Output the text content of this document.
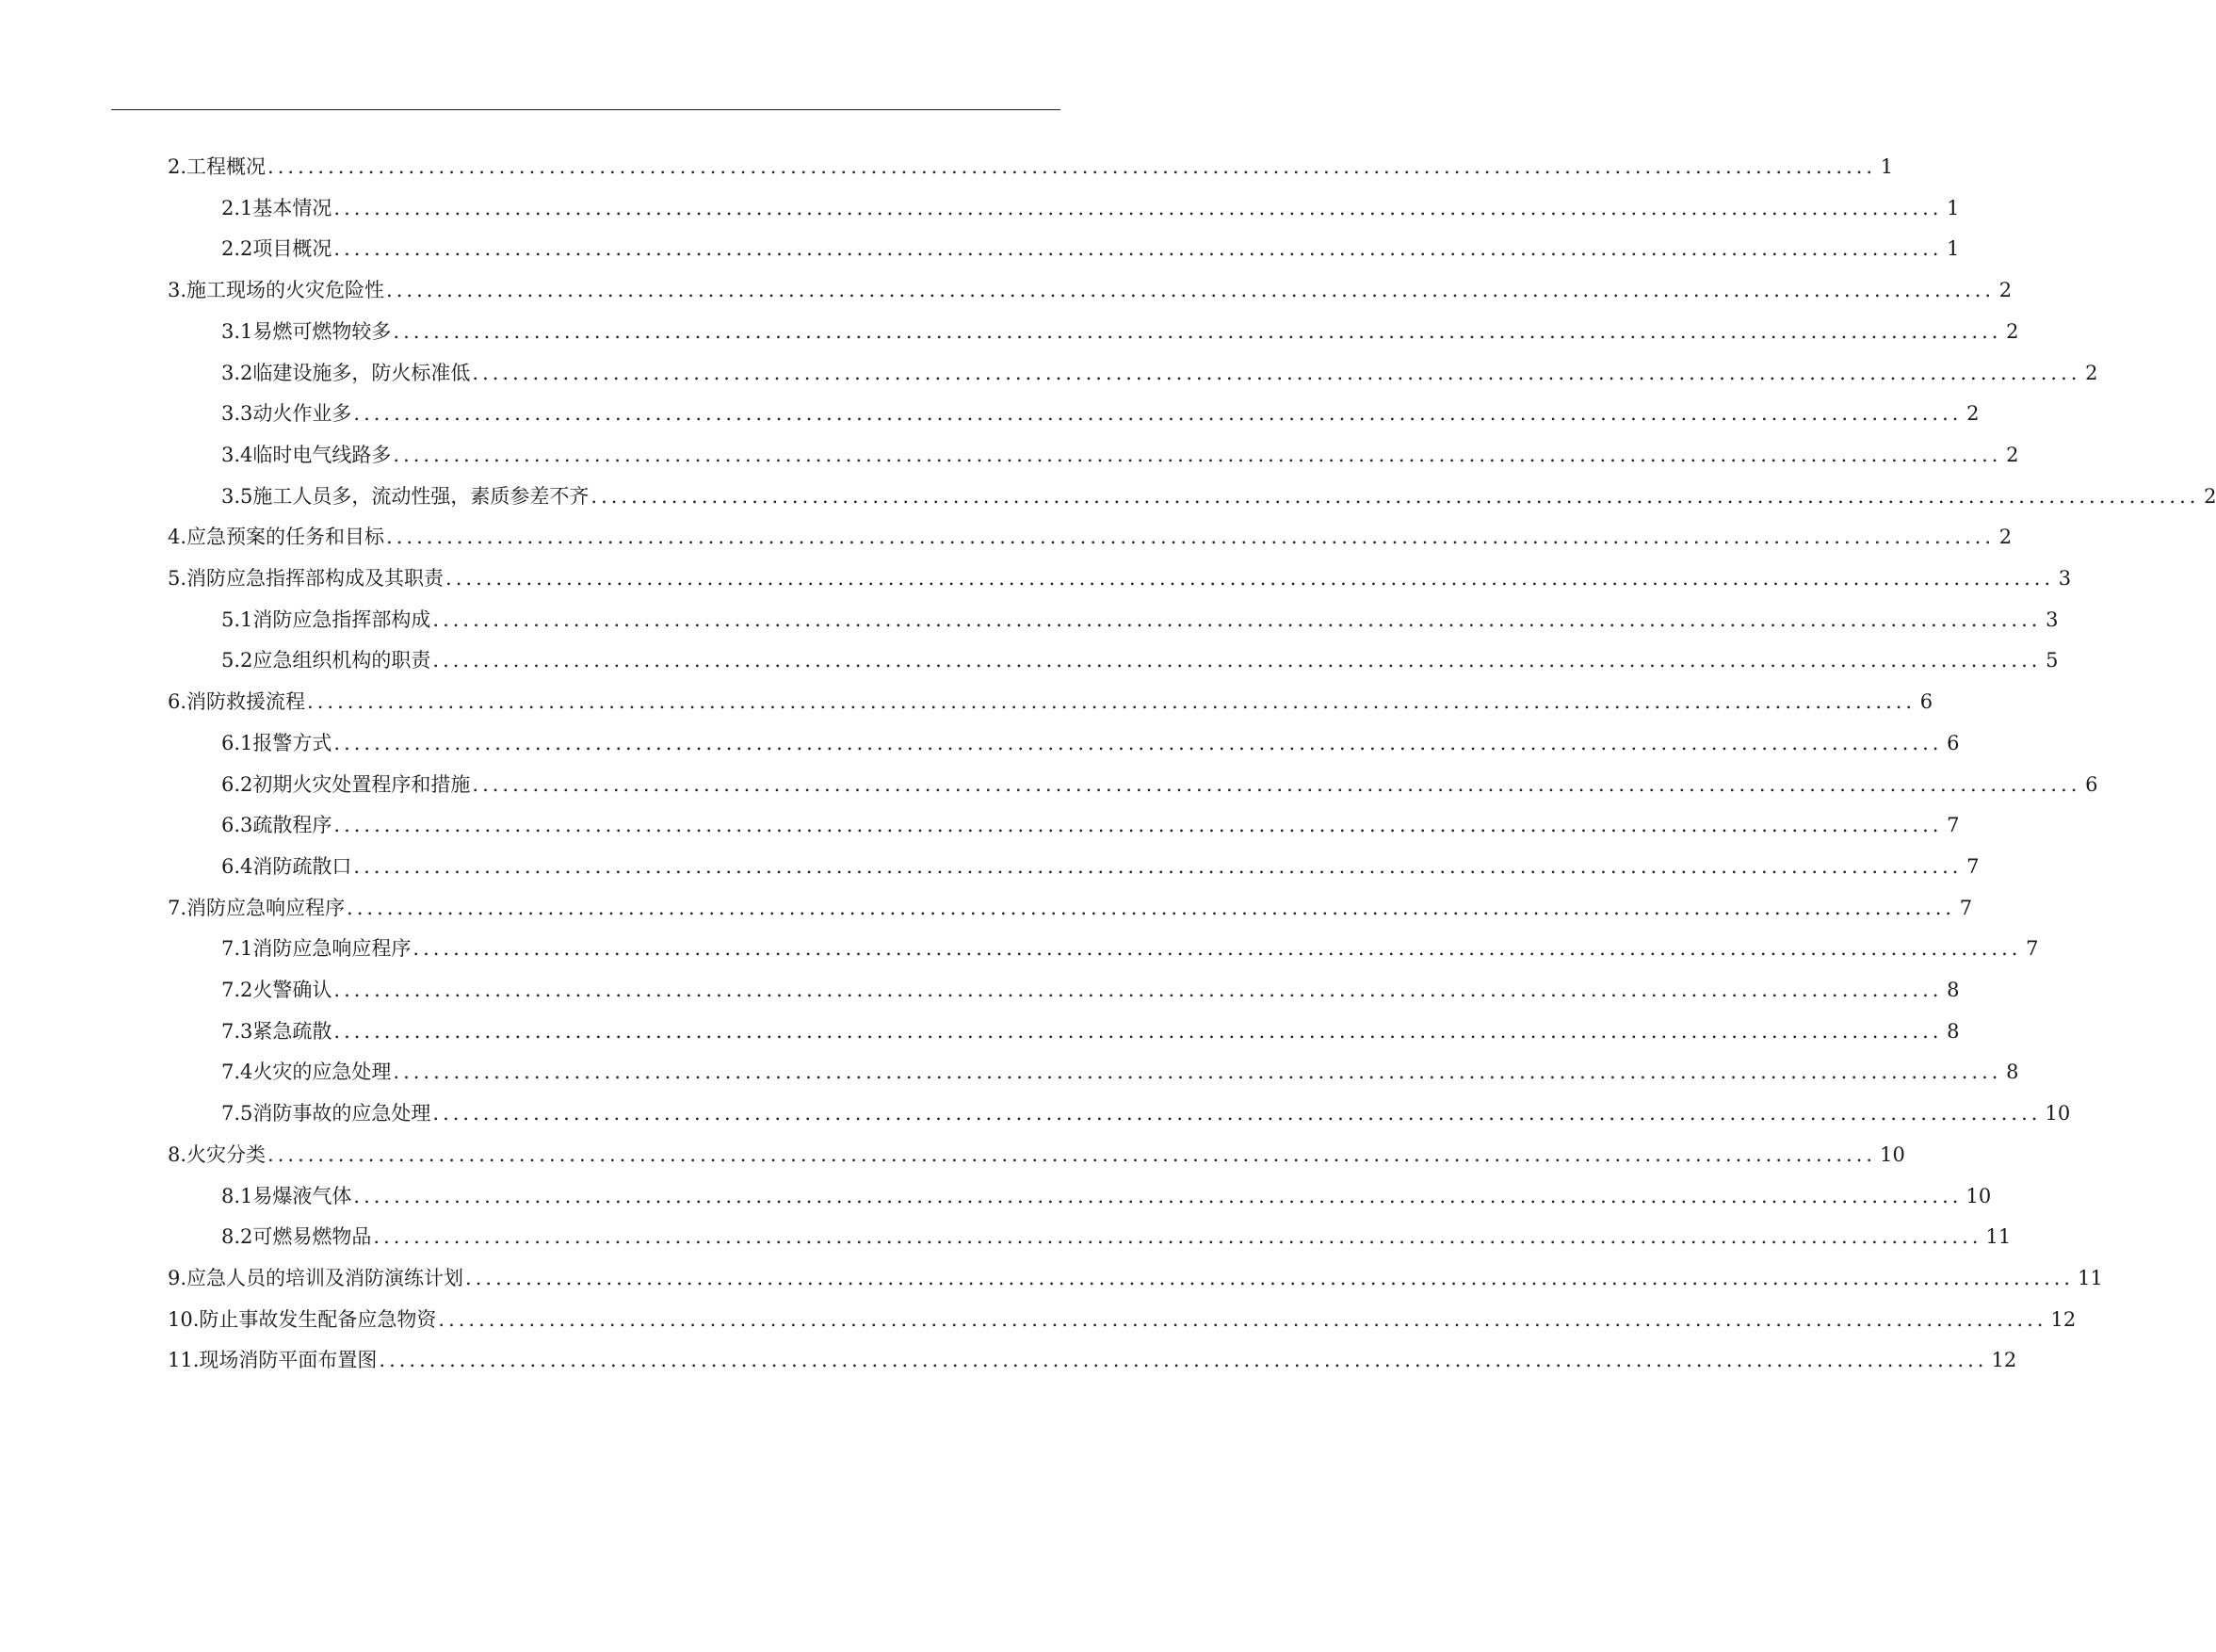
2. 工程概况 ................................................................................................................................................................ 1
2.1 基本情况 ................................................................................................................................................................ 1
2.2 项目概况 ................................................................................................................................................................ 1
3. 施工现场的火灾危险性 ................................................................................................................................................................ 2
3.1 易燃可燃物较多 ................................................................................................................................................................ 2
3.2 临建设施多，防火标准低 ................................................................................................................................................................ 2
3.3 动火作业多 ................................................................................................................................................................ 2
3.4 临时电气线路多 ................................................................................................................................................................ 2
3.5 施工人员多，流动性强，素质参差不齐 ................................................................................................................................................................ 2
4. 应急预案的任务和目标 ................................................................................................................................................................ 2
5. 消防应急指挥部构成及其职责 ................................................................................................................................................................ 3
5.1 消防应急指挥部构成 ................................................................................................................................................................ 3
5.2 应急组织机构的职责 ................................................................................................................................................................ 5
6. 消防救援流程 ................................................................................................................................................................ 6
6.1 报警方式 ................................................................................................................................................................ 6
6.2 初期火灾处置程序和措施 ................................................................................................................................................................ 6
6.3 疏散程序 ................................................................................................................................................................ 7
6.4 消防疏散口 ................................................................................................................................................................ 7
7. 消防应急响应程序 ................................................................................................................................................................ 7
7.1 消防应急响应程序 ................................................................................................................................................................ 7
7.2 火警确认 ................................................................................................................................................................ 8
7.3 紧急疏散 ................................................................................................................................................................ 8
7.4 火灾的应急处理 ................................................................................................................................................................ 8
7.5 消防事故的应急处理 ................................................................................................................................................................ 10
8. 火灾分类 ................................................................................................................................................................ 10
8.1 易爆液气体 ................................................................................................................................................................ 10
8.2 可燃易燃物品 ................................................................................................................................................................ 11
9. 应急人员的培训及消防演练计划 ................................................................................................................................................................ 11
10. 防止事故发生配备应急物资 ................................................................................................................................................................ 12
11. 现场消防平面布置图 ................................................................................................................................................................ 12
